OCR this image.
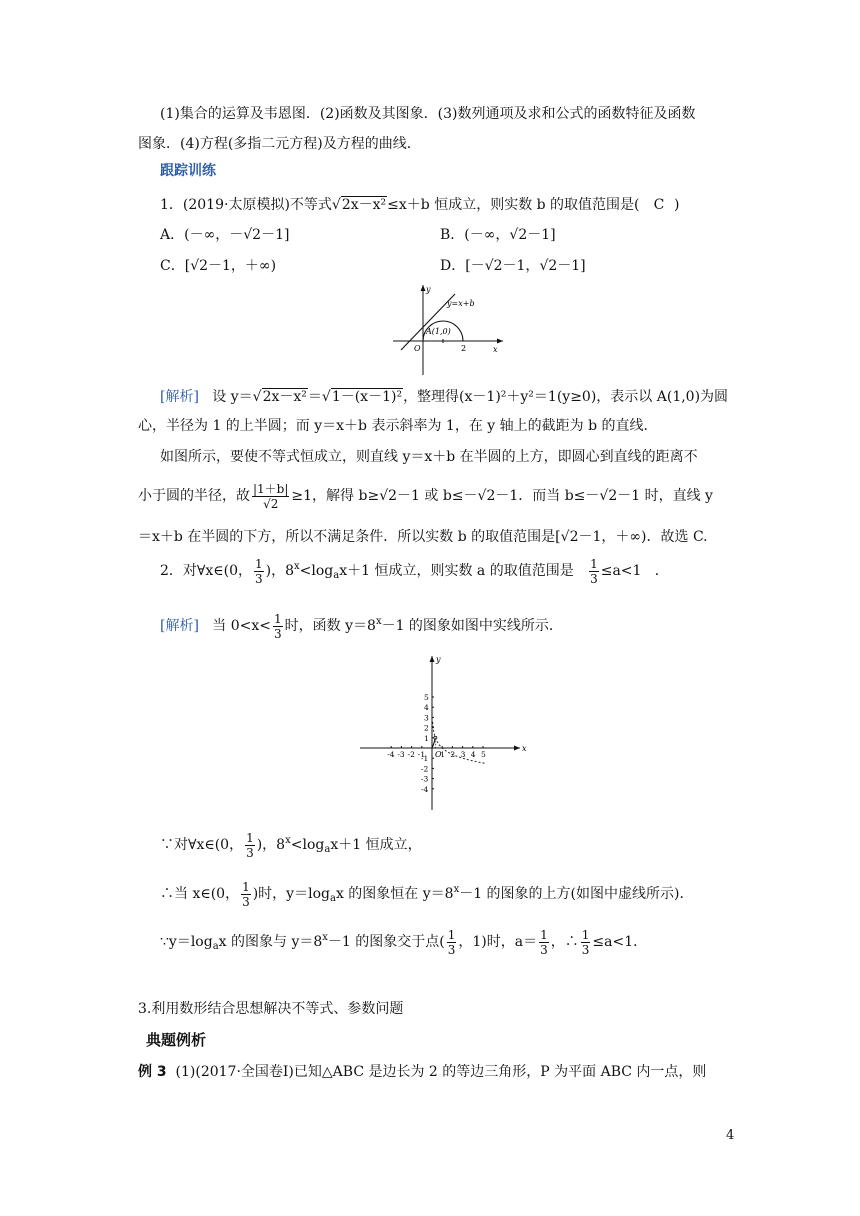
(1)集合的运算及韦恩图．(2)函数及其图象．(3)数列通项及求和公式的函数特征及函数
图象．(4)方程(多指二元方程)及方程的曲线．
跟踪训练
1．(2019·太原模拟)不等式√2x－x²≤x＋b 恒成立，则实数 b 的取值范围是( C )
A．(－∞，－√2－1]	B．(－∞，√2－1]
C．[√2－1，＋∞)	D．[－√2－1，√2－1]
y=x+b
A(1,0)
O	2	x
y
[解析] 设 y＝√2x－x²＝√1－(x－1)²，整理得(x－1)²＋y²＝1(y≥0)，表示以 A(1,0)为圆
心，半径为 1 的上半圆；而 y＝x＋b 表示斜率为 1，在 y 轴上的截距为 b 的直线．
如图所示，要使不等式恒成立，则直线 y＝x＋b 在半圆的上方，即圆心到直线的距离不
小于圆的半径，故 $\frac{|1+b|}{√2} \ge 1$，解得 b≥√2－1 或 b≤－√2－1．而当 b≤－√2－1 时，直线 y
＝x＋b 在半圆的下方，所以不满足条件．所以实数 b 的取值范围是[√2－1，＋∞)．故选 C.
2．对∀x∈(0， $\frac{1}{3}$ )，$8^x<\log_ax+1$ 恒成立，则实数 a 的取值范围是 $\frac{1}{3} \le a<1$ ．
[解析] 当 $0<x< \frac{1}{3}$ 时，函数 $y=8^x-1$ 的图象如图中实线所示．
x
y
O
-4 -3 -2 -1 1 2 3 4 5
5
4
3
2
1
-1
-2
-3
-4
∵对∀x∈(0， $\frac{1}{3}$ )，$8^x<\log_ax+1$ 恒成立，
∴当 x∈(0， $\frac{1}{3}$ )时，$y=\log_ax$ 的图象恒在 $y=8^x-1$ 的图象的上方(如图中虚线所示)．
$\because y=\log_ax$ 的图象与 $y=8^x-1$ 的图象交于点( $\frac{1}{3}$ ，1)时，$a= \frac{1}{3}$ ，∴ $\frac{1}{3} \le a<1$．
3.利用数形结合思想解决不等式、参数问题
典题例析
例 3 (1)(2017·全国卷Ⅰ)已知△ABC 是边长为 2 的等边三角形，P 为平面 ABC 内一点，则
4
